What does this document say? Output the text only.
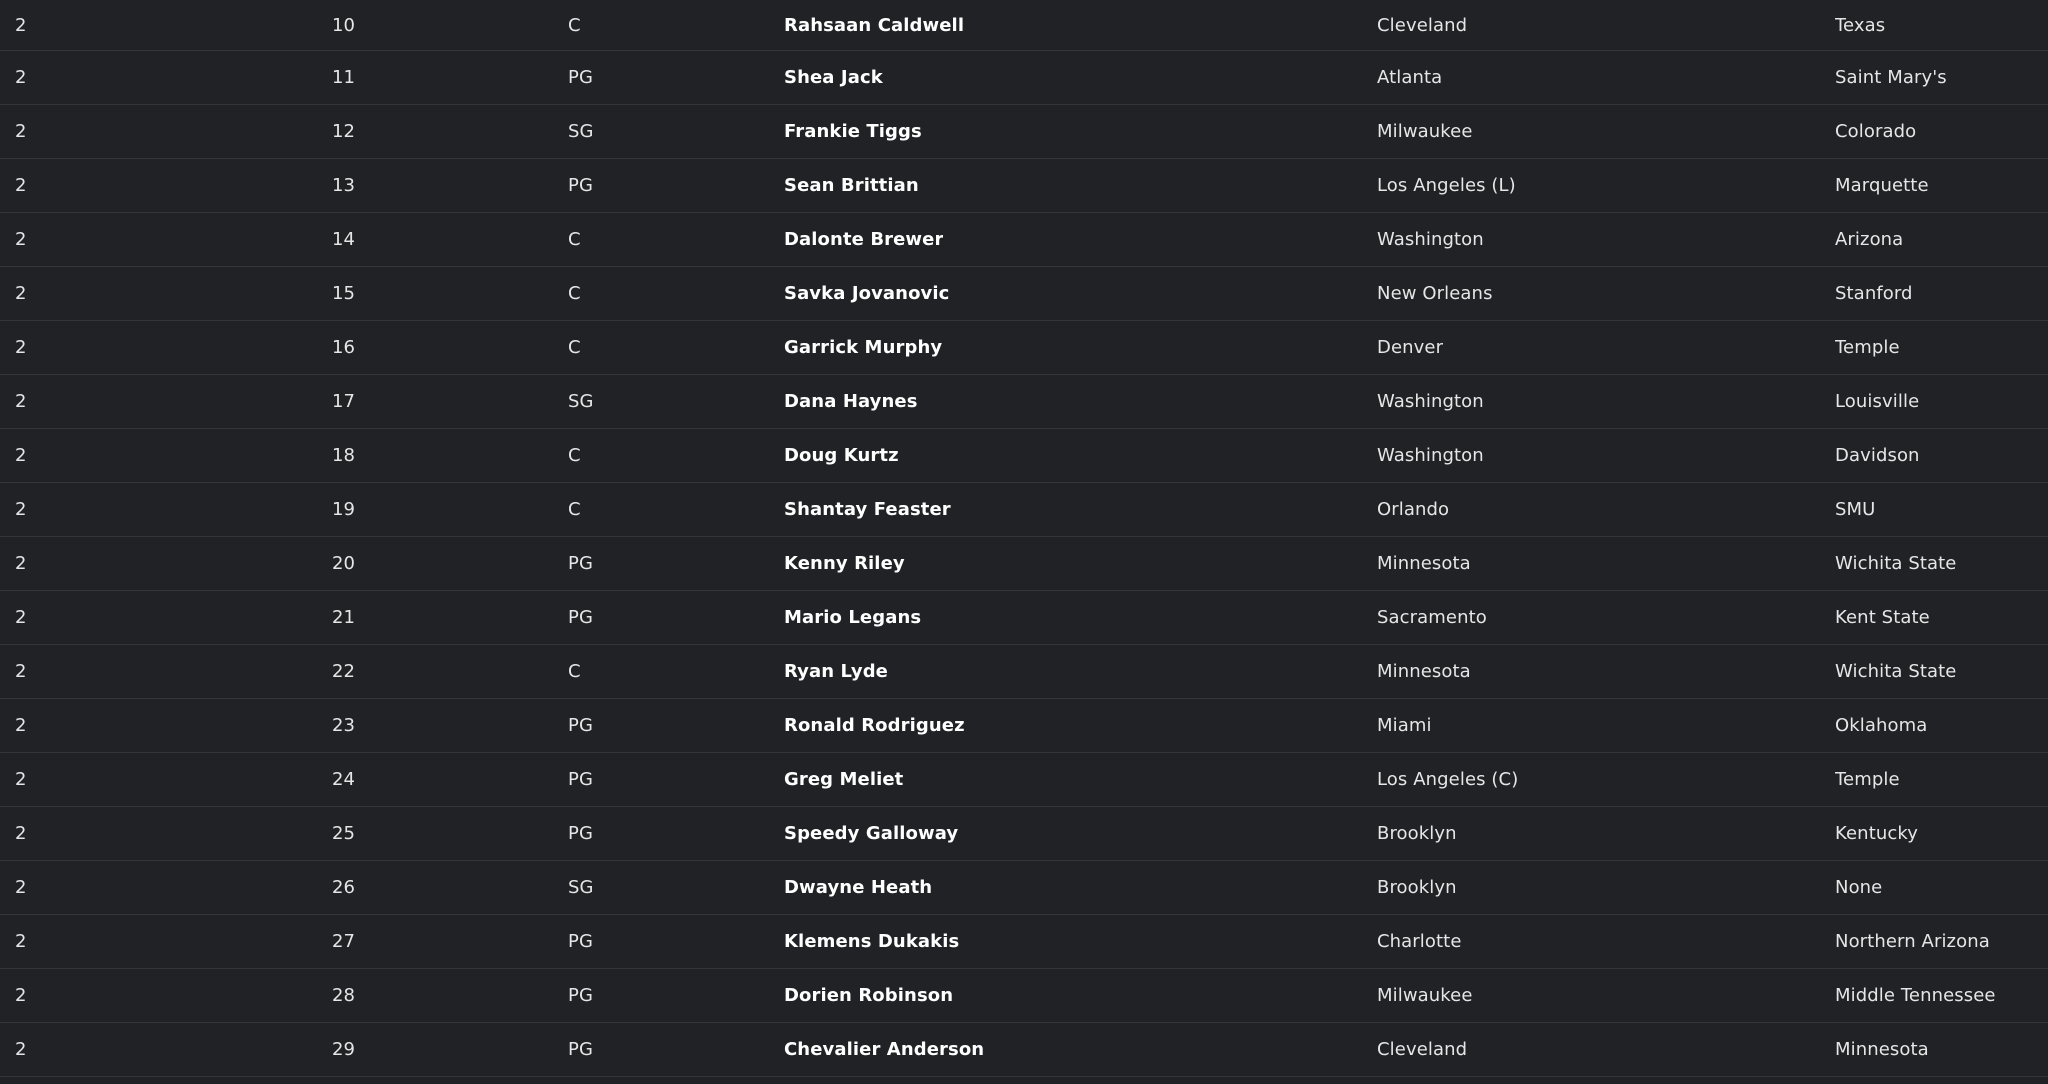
2	10	C	Rahsaan Caldwell	Cleveland	Texas
2	11	PG	Shea Jack	Atlanta	Saint Mary's
2	12	SG	Frankie Tiggs	Milwaukee	Colorado
2	13	PG	Sean Brittian	Los Angeles (L)	Marquette
2	14	C	Dalonte Brewer	Washington	Arizona
2	15	C	Savka Jovanovic	New Orleans	Stanford
2	16	C	Garrick Murphy	Denver	Temple
2	17	SG	Dana Haynes	Washington	Louisville
2	18	C	Doug Kurtz	Washington	Davidson
2	19	C	Shantay Feaster	Orlando	SMU
2	20	PG	Kenny Riley	Minnesota	Wichita State
2	21	PG	Mario Legans	Sacramento	Kent State
2	22	C	Ryan Lyde	Minnesota	Wichita State
2	23	PG	Ronald Rodriguez	Miami	Oklahoma
2	24	PG	Greg Meliet	Los Angeles (C)	Temple
2	25	PG	Speedy Galloway	Brooklyn	Kentucky
2	26	SG	Dwayne Heath	Brooklyn	None
2	27	PG	Klemens Dukakis	Charlotte	Northern Arizona
2	28	PG	Dorien Robinson	Milwaukee	Middle Tennessee
2	29	PG	Chevalier Anderson	Cleveland	Minnesota
